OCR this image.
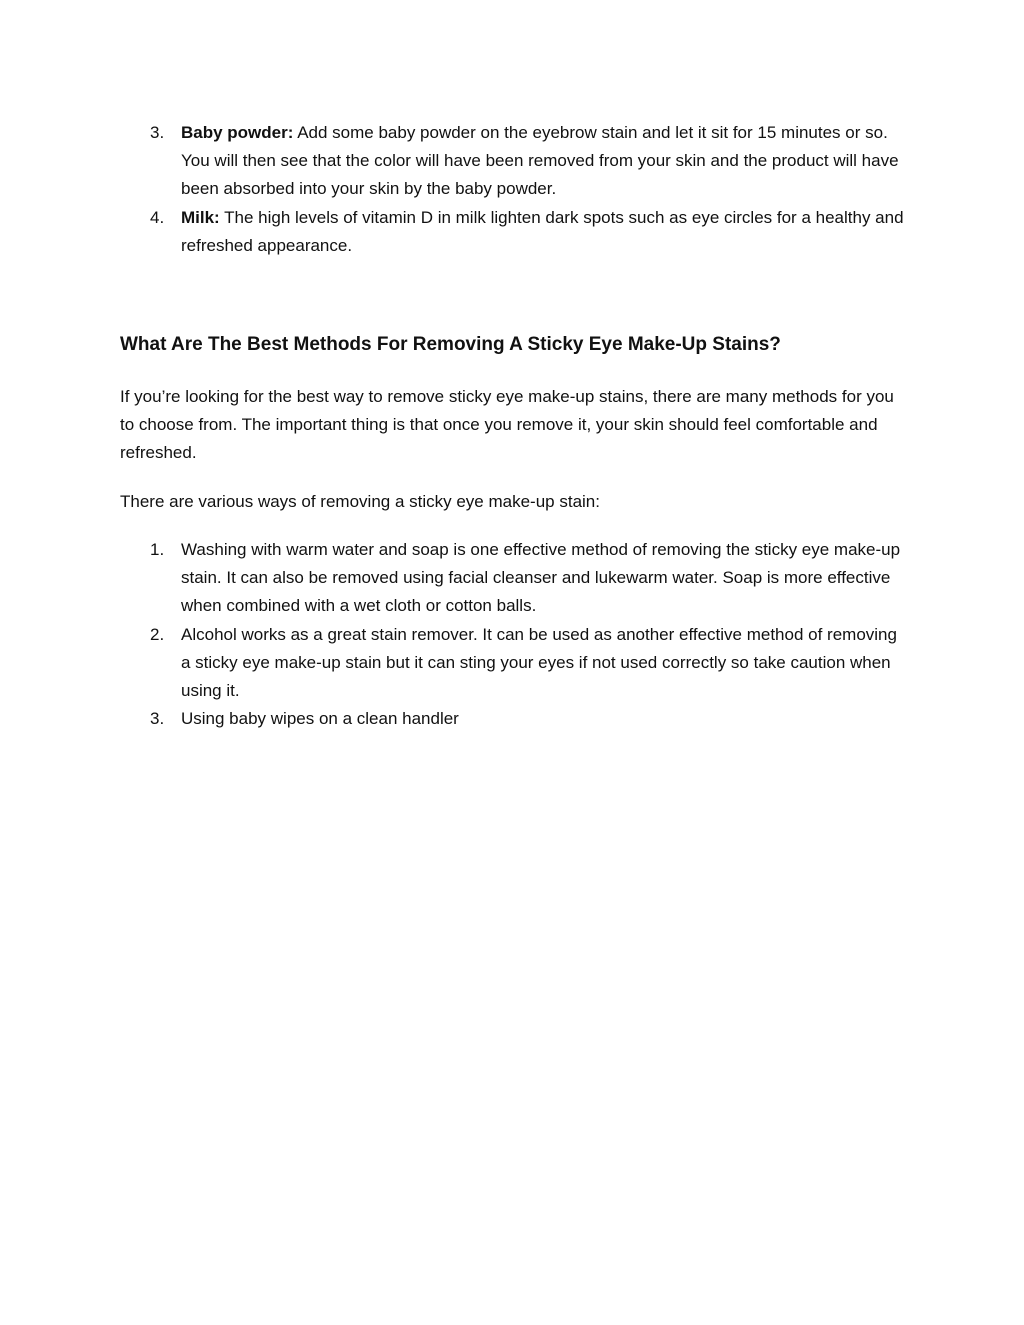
3. Baby powder: Add some baby powder on the eyebrow stain and let it sit for 15 minutes or so. You will then see that the color will have been removed from your skin and the product will have been absorbed into your skin by the baby powder.
4. Milk: The high levels of vitamin D in milk lighten dark spots such as eye circles for a healthy and refreshed appearance.
What Are The Best Methods For Removing A Sticky Eye Make-Up Stains?

If you’re looking for the best way to remove sticky eye make-up stains, there are many methods for you to choose from. The important thing is that once you remove it, your skin should feel comfortable and refreshed.

There are various ways of removing a sticky eye make-up stain:

1. Washing with warm water and soap is one effective method of removing the sticky eye make-up stain. It can also be removed using facial cleanser and lukewarm water. Soap is more effective when combined with a wet cloth or cotton balls.
2. Alcohol works as a great stain remover. It can be used as another effective method of removing a sticky eye make-up stain but it can sting your eyes if not used correctly so take caution when using it.
3. Using baby wipes on a clean handler
